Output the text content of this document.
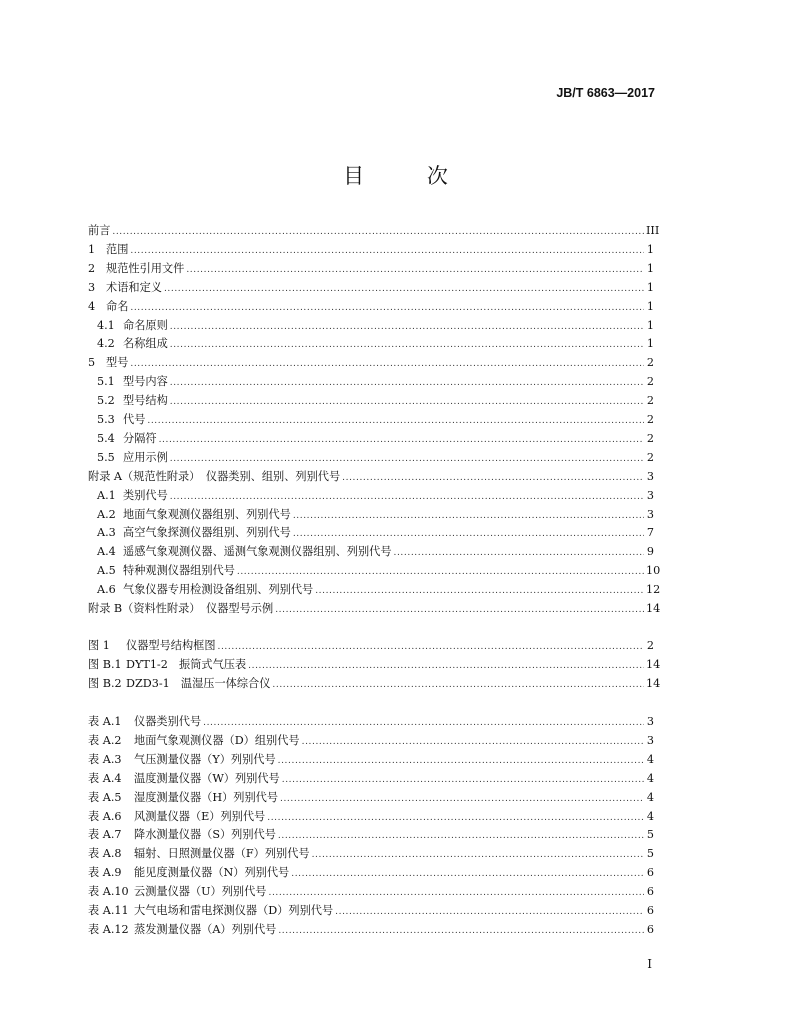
JB/T 6863—2017
目 次
前言 .....	III
1 范围 .....	1
2 规范性引用文件 .....	1
3 术语和定义 .....	1
4 命名 .....	1
4.1 命名原则 .....	1
4.2 名称组成 .....	1
5 型号 .....	2
5.1 型号内容 .....	2
5.2 型号结构 .....	2
5.3 代号 .....	2
5.4 分隔符 .....	2
5.5 应用示例 .....	2
附录 A（规范性附录）　仪器类别、组别、列别代号 .....	3
A.1 类别代号 .....	3
A.2 地面气象观测仪器组别、列别代号 .....	3
A.3 高空气象探测仪器组别、列别代号 .....	7
A.4 遥感气象观测仪器、遥测气象观测仪器组别、列别代号 .....	9
A.5 特种观测仪器组别代号 .....	10
A.6 气象仪器专用检测设备组别、列别代号 .....	12
附录 B（资料性附录）　仪器型号示例 .....	14
图 1 仪器型号结构框图 .....	2
图 B.1 DYT1-2　振筒式气压表 .....	14
图 B.2 DZD3-1　温湿压一体综合仪 .....	14
表 A.1 仪器类别代号 .....	3
表 A.2 地面气象观测仪器（D）组别代号 .....	3
表 A.3 气压测量仪器（Y）列别代号 .....	4
表 A.4 温度测量仪器（W）列别代号 .....	4
表 A.5 湿度测量仪器（H）列别代号 .....	4
表 A.6 风测量仪器（E）列别代号 .....	4
表 A.7 降水测量仪器（S）列别代号 .....	5
表 A.8 辐射、日照测量仪器（F）列别代号 .....	5
表 A.9 能见度测量仪器（N）列别代号 .....	6
表 A.10 云测量仪器（U）列别代号 .....	6
表 A.11 大气电场和雷电探测仪器（D）列别代号 .....	6
表 A.12 蒸发测量仪器（A）列别代号 .....	6
I
